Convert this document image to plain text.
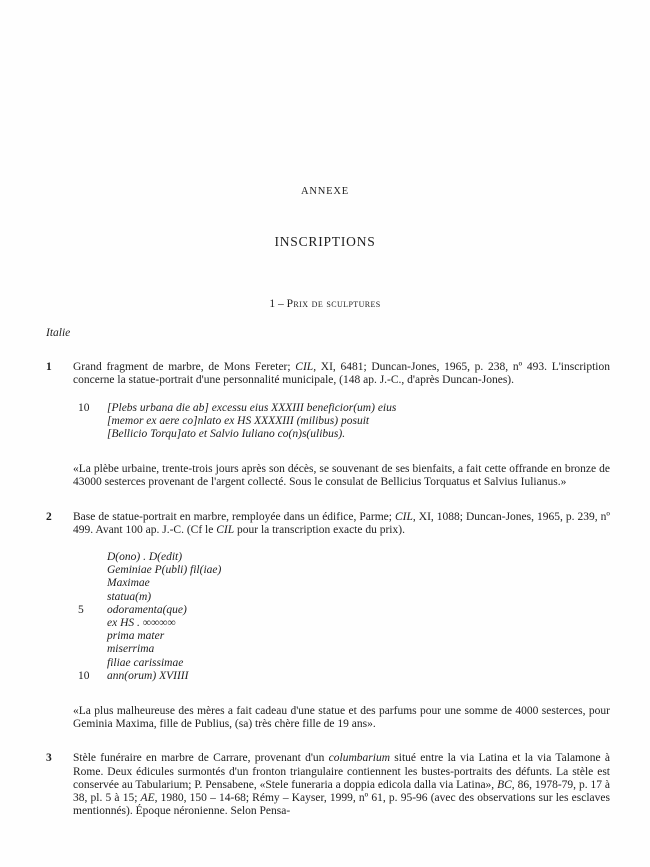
ANNEXE
INSCRIPTIONS
1 – Prix de sculptures
Italie
1	Grand fragment de marbre, de Mons Fereter; CIL, XI, 6481; Duncan-Jones, 1965, p. 238, nº 493. L'inscription concerne la statue-portrait d'une personnalité municipale, (148 ap. J.-C., d'après Duncan-Jones).

10	[Plebs urbana die ab] excessu eius XXXIII beneficior(um) eius
[memor ex aere co]nlato ex HS XXXXIII (milibus) posuit
[Bellicio Torqu]ato et Salvio Iuliano co(n)s(ulibus).

«La plèbe urbaine, trente-trois jours après son décès, se souvenant de ses bienfaits, a fait cette offrande en bronze de 43000 sesterces provenant de l'argent collecté. Sous le consulat de Bellicius Torquatus et Salvius Iulianus.»

2	Base de statue-portrait en marbre, remployée dans un édifice, Parme; CIL, XI, 1088; Duncan-Jones, 1965, p. 239, nº 499. Avant 100 ap. J.-C. (Cf le CIL pour la transcription exacte du prix).

D(ono) . D(edit)
Geminiae P(ubli) fil(iae)
Maximae
statua(m)
5	odoramenta(que)
ex HS . ∞∞∞∞
prima mater
miserrima
filiae carissimae
10	ann(orum) XVIIII

«La plus malheureuse des mères a fait cadeau d'une statue et des parfums pour une somme de 4000 sesterces, pour Geminia Maxima, fille de Publius, (sa) très chère fille de 19 ans».

3	Stèle funéraire en marbre de Carrare, provenant d'un columbarium situé entre la via Latina et la via Talamone à Rome. Deux édicules surmontés d'un fronton triangulaire contiennent les bustes-portraits des défunts. La stèle est conservée au Tabularium; P. Pensabene, «Stele funeraria a doppia edicola dalla via Latina», BC, 86, 1978-79, p. 17 à 38, pl. 5 à 15; AE, 1980, 150 – 14-68; Rémy – Kayser, 1999, nº 61, p. 95-96 (avec des observations sur les esclaves mentionnés). Époque néronienne. Selon Pensa-
